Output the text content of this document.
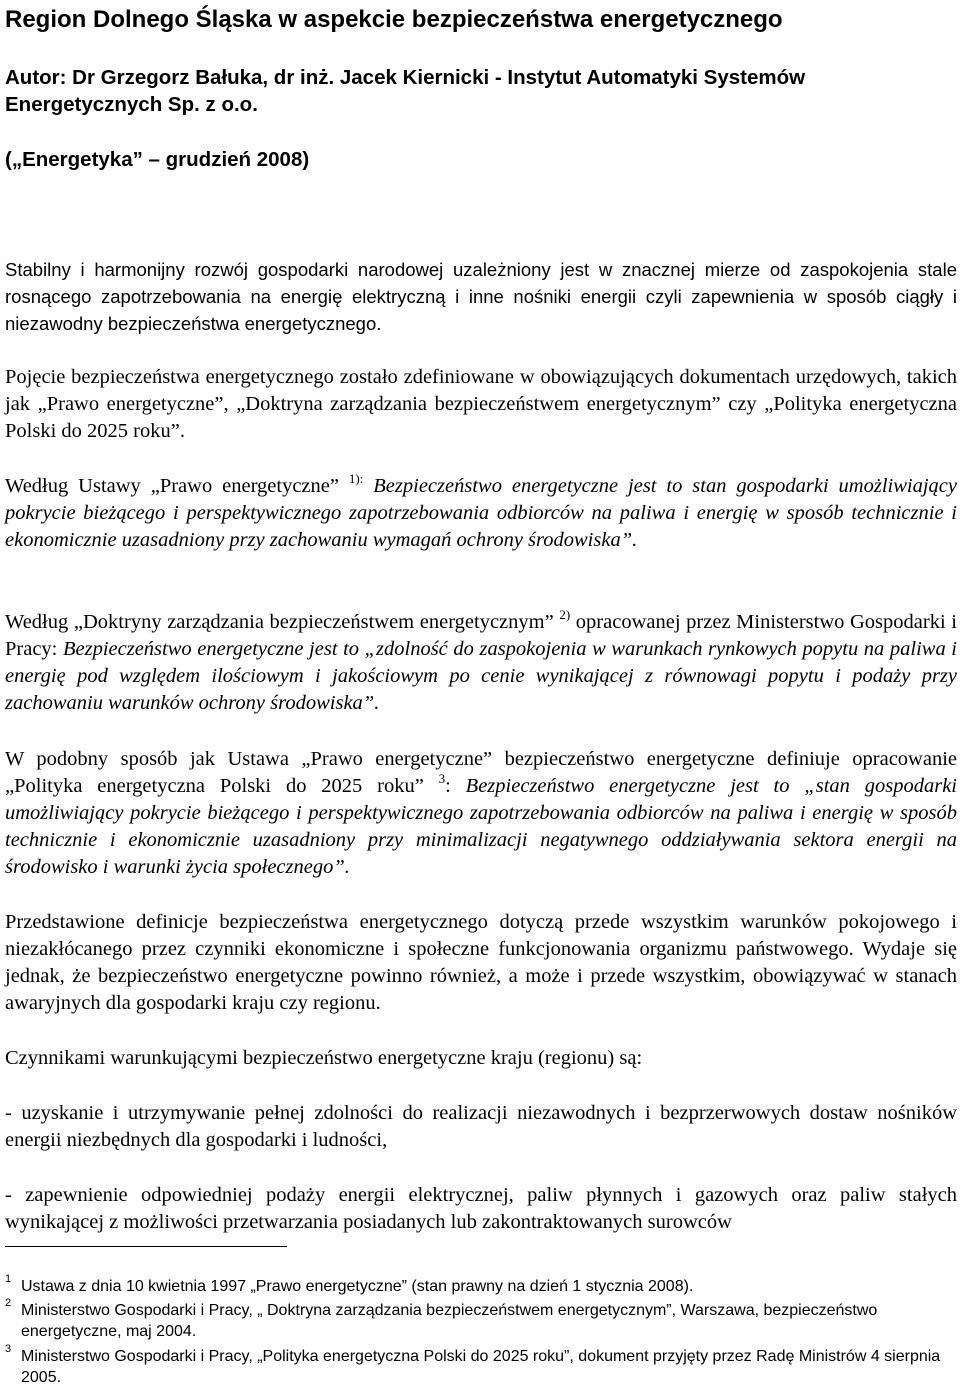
Region Dolnego Śląska w aspekcie bezpieczeństwa energetycznego
Autor: Dr Grzegorz Bałuka, dr inż. Jacek Kiernicki - Instytut Automatyki Systemów Energetycznych Sp. z o.o.
(„Energetyka” – grudzień 2008)
Stabilny i harmonijny rozwój gospodarki narodowej uzależniony jest w znacznej mierze od zaspokojenia stale rosnącego zapotrzebowania na energię elektryczną i inne nośniki energii czyli zapewnienia w sposób ciągły i niezawodny bezpieczeństwa energetycznego.
Pojęcie bezpieczeństwa energetycznego zostało zdefiniowane w obowiązujących dokumentach urzędowych, takich jak „Prawo energetyczne”, „Doktryna zarządzania bezpieczeństwem energetycznym” czy „Polityka energetyczna Polski do 2025 roku”.
Według Ustawy „Prawo energetyczne” $^{1):}$ Bezpieczeństwo energetyczne jest to stan gospodarki umożliwiający pokrycie bieżącego i perspektywicznego zapotrzebowania odbiorców na paliwa i energię w sposób technicznie i ekonomicznie uzasadniony przy zachowaniu wymagań ochrony środowiska”.
Według „Doktryny zarządzania bezpieczeństwem energetycznym” $^{2)}$ opracowanej przez Ministerstwo Gospodarki i Pracy: Bezpieczeństwo energetyczne jest to „zdolność do zaspokojenia w warunkach rynkowych popytu na paliwa i energię pod względem ilościowym i jakościowym po cenie wynikającej z równowagi popytu i podaży przy zachowaniu warunków ochrony środowiska”.
W podobny sposób jak Ustawa „Prawo energetyczne” bezpieczeństwo energetyczne definiuje opracowanie „Polityka energetyczna Polski do 2025 roku” $^3$: Bezpieczeństwo energetyczne jest to „stan gospodarki umożliwiający pokrycie bieżącego i perspektywicznego zapotrzebowania odbiorców na paliwa i energię w sposób technicznie i ekonomicznie uzasadniony przy minimalizacji negatywnego oddziaływania sektora energii na środowisko i warunki życia społecznego”.
Przedstawione definicje bezpieczeństwa energetycznego dotyczą przede wszystkim warunków pokojowego i niezakłócanego przez czynniki ekonomiczne i społeczne funkcjonowania organizmu państwowego. Wydaje się jednak, że bezpieczeństwo energetyczne powinno również, a może i przede wszystkim, obowiązywać w stanach awaryjnych dla gospodarki kraju czy regionu.
Czynnikami warunkującymi bezpieczeństwo energetyczne kraju (regionu) są:
- uzyskanie i utrzymywanie pełnej zdolności do realizacji niezawodnych i bezprzerwowych dostaw nośników energii niezbędnych dla gospodarki i ludności,
- zapewnienie odpowiedniej podaży energii elektrycznej, paliw płynnych i gazowych oraz paliw stałych wynikającej z możliwości przetwarzania posiadanych lub zakontraktowanych surowców
1 Ustawa z dnia 10 kwietnia 1997 „Prawo energetyczne” (stan prawny na dzień 1 stycznia 2008).
2 Ministerstwo Gospodarki i Pracy, „ Doktryna zarządzania bezpieczeństwem energetycznym”, Warszawa, bezpieczeństwo energetyczne, maj 2004.
3 Ministerstwo Gospodarki i Pracy, „Polityka energetyczna Polski do 2025 roku”, dokument przyjęty przez Radę Ministrów 4 sierpnia 2005.
